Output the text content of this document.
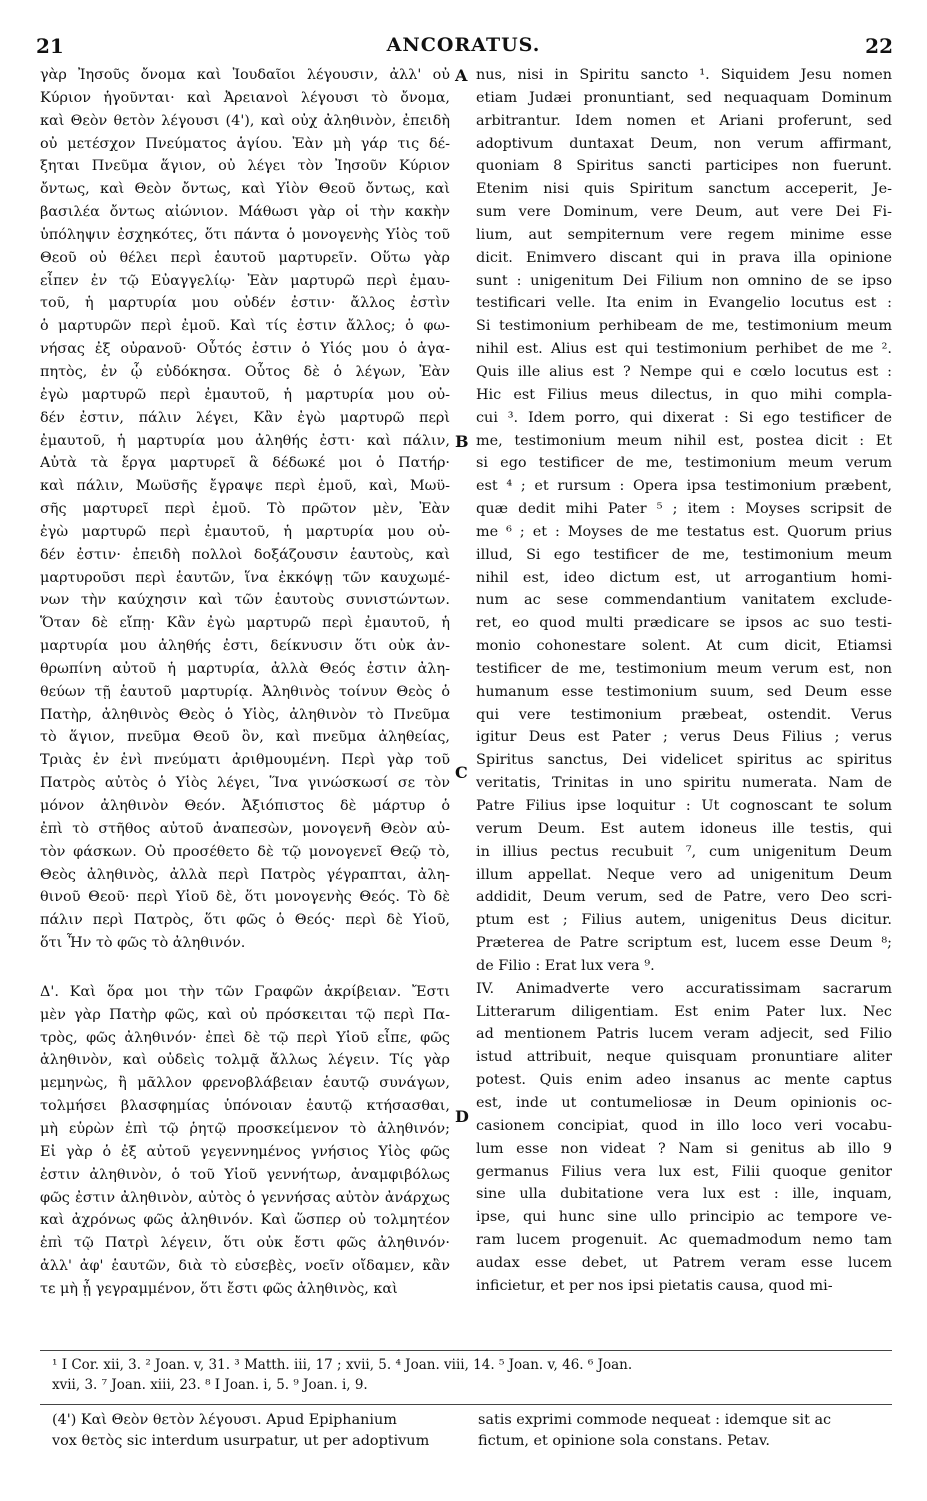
21	ANCORATUS.	22
γὰρ Ἰησοῦς ὄνομα καὶ Ἰουδαῖοι λέγουσιν, ἀλλ' οὐ
Κύριον ἡγοῦνται· καὶ Ἀρειανοὶ λέγουσι τὸ ὄνομα,
καὶ Θεὸν θετὸν λέγουσι (4'), καὶ οὐχ ἀληθινὸν, ἐπειδὴ
οὐ μετέσχον Πνεύματος ἁγίου. Ἐὰν μὴ γάρ τις δέ-
ξηται Πνεῦμα ἅγιον, οὐ λέγει τὸν Ἰησοῦν Κύριον
ὄντως, καὶ Θεὸν ὄντως, καὶ Υἱὸν Θεοῦ ὄντως, καὶ
βασιλέα ὄντως αἰώνιον. Μάθωσι γὰρ οἱ τὴν κακὴν
ὑπόληψιν ἐσχηκότες, ὅτι πάντα ὁ μονογενὴς Υἱὸς τοῦ
Θεοῦ οὐ θέλει περὶ ἑαυτοῦ μαρτυρεῖν. Οὕτω γὰρ
εἶπεν ἐν τῷ Εὐαγγελίῳ· Ἐὰν μαρτυρῶ περὶ ἐμαυ-
τοῦ, ἡ μαρτυρία μου οὐδέν ἐστιν· ἄλλος ἐστὶν
ὁ μαρτυρῶν περὶ ἐμοῦ. Καὶ τίς ἐστιν ἄλλος; ὁ φω-
νήσας ἐξ οὐρανοῦ· Οὗτός ἐστιν ὁ Υἱός μου ὁ ἀγα-
πητὸς, ἐν ᾧ εὐδόκησα. Οὗτος δὲ ὁ λέγων, Ἐὰν
ἐγὼ μαρτυρῶ περὶ ἐμαυτοῦ, ἡ μαρτυρία μου οὐ-
δέν ἐστιν, πάλιν λέγει, Κἂν ἐγὼ μαρτυρῶ περὶ
ἐμαυτοῦ, ἡ μαρτυρία μου ἀληθής ἐστι· καὶ πάλιν,
Αὐτὰ τὰ ἔργα μαρτυρεῖ ἃ δέδωκέ μοι ὁ Πατήρ·
καὶ πάλιν, Μωϋσῆς ἔγραψε περὶ ἐμοῦ, καὶ, Μωϋ-
σῆς μαρτυρεῖ περὶ ἐμοῦ. Τὸ πρῶτον μὲν, Ἐὰν
ἐγὼ μαρτυρῶ περὶ ἐμαυτοῦ, ἡ μαρτυρία μου οὐ-
δέν ἐστιν· ἐπειδὴ πολλοὶ δοξάζουσιν ἑαυτοὺς, καὶ
μαρτυροῦσι περὶ ἑαυτῶν, ἵνα ἐκκόψῃ τῶν καυχωμέ-
νων τὴν καύχησιν καὶ τῶν ἑαυτοὺς συνιστώντων.
Ὅταν δὲ εἴπῃ· Κἂν ἐγὼ μαρτυρῶ περὶ ἐμαυτοῦ, ἡ
μαρτυρία μου ἀληθής ἐστι, δείκνυσιν ὅτι οὐκ ἀν-
θρωπίνη αὐτοῦ ἡ μαρτυρία, ἀλλὰ Θεός ἐστιν ἀλη-
θεύων τῇ ἑαυτοῦ μαρτυρίᾳ. Ἀληθινὸς τοίνυν Θεὸς ὁ
Πατὴρ, ἀληθινὸς Θεὸς ὁ Υἱὸς, ἀληθινὸν τὸ Πνεῦμα
τὸ ἅγιον, πνεῦμα Θεοῦ ὂν, καὶ πνεῦμα ἀληθείας,
Τριὰς ἐν ἑνὶ πνεύματι ἀριθμουμένη. Περὶ γὰρ τοῦ
Πατρὸς αὐτὸς ὁ Υἱὸς λέγει, Ἵνα γινώσκωσί σε τὸν
μόνον ἀληθινὸν Θεόν. Ἀξιόπιστος δὲ μάρτυρ ὁ
ἐπὶ τὸ στῆθος αὐτοῦ ἀναπεσὼν, μονογενῆ Θεὸν αὐ-
τὸν φάσκων. Οὐ προσέθετο δὲ τῷ μονογενεῖ Θεῷ τὸ,
Θεὸς ἀληθινὸς, ἀλλὰ περὶ Πατρὸς γέγραπται, ἀλη-
θινοῦ Θεοῦ· περὶ Υἱοῦ δὲ, ὅτι μονογενὴς Θεός. Τὸ δὲ
πάλιν περὶ Πατρὸς, ὅτι φῶς ὁ Θεός· περὶ δὲ Υἱοῦ,
ὅτι Ἦν τὸ φῶς τὸ ἀληθινόν.
Δ'. Καὶ ὅρα μοι τὴν τῶν Γραφῶν ἀκρίβειαν. Ἔστι
μὲν γὰρ Πατὴρ φῶς, καὶ οὐ πρόσκειται τῷ περὶ Πα-
τρὸς, φῶς ἀληθινόν· ἐπεὶ δὲ τῷ περὶ Υἱοῦ εἶπε, φῶς
ἀληθινὸν, καὶ οὐδεὶς τολμᾷ ἄλλως λέγειν. Τίς γὰρ
μεμηνὼς, ἢ μᾶλλον φρενοβλάβειαν ἑαυτῷ συνάγων,
τολμήσει βλασφημίας ὑπόνοιαν ἑαυτῷ κτήσασθαι,
μὴ εὑρὼν ἐπὶ τῷ ῥητῷ προσκείμενον τὸ ἀληθινόν;
Εἰ γὰρ ὁ ἐξ αὐτοῦ γεγεννημένος γνήσιος Υἱὸς φῶς
ἐστιν ἀληθινὸν, ὁ τοῦ Υἱοῦ γεννήτωρ, ἀναμφιβόλως
φῶς ἐστιν ἀληθινὸν, αὐτὸς ὁ γεννήσας αὐτὸν ἀνάρχως
καὶ ἀχρόνως φῶς ἀληθινόν. Καὶ ὥσπερ οὐ τολμητέον
ἐπὶ τῷ Πατρὶ λέγειν, ὅτι οὐκ ἔστι φῶς ἀληθινόν·
ἀλλ' ἀφ' ἑαυτῶν, διὰ τὸ εὐσεβὲς, νοεῖν οἴδαμεν, κἂν
τε μὴ ᾖ γεγραμμένον, ὅτι ἔστι φῶς ἀληθινὸς, καὶ
nus, nisi in Spiritu sancto ¹. Siquidem Jesu nomen
etiam Judæi pronuntiant, sed nequaquam Dominum
arbitrantur. Idem nomen et Ariani proferunt, sed
adoptivum duntaxat Deum, non verum affirmant,
quoniam 8 Spiritus sancti participes non fuerunt.
Etenim nisi quis Spiritum sanctum acceperit, Je-
sum vere Dominum, vere Deum, aut vere Dei Fi-
lium, aut sempiternum vere regem minime esse
dicit. Enimvero discant qui in prava illa opinione
sunt : unigenitum Dei Filium non omnino de se ipso
testificari velle. Ita enim in Evangelio locutus est :
Si testimonium perhibeam de me, testimonium meum
nihil est. Alius est qui testimonium perhibet de me ².
Quis ille alius est ? Nempe qui e cœlo locutus est :
Hic est Filius meus dilectus, in quo mihi compla-
cui ³. Idem porro, qui dixerat : Si ego testificer de
me, testimonium meum nihil est, postea dicit : Et
si ego testificer de me, testimonium meum verum
est ⁴ ; et rursum : Opera ipsa testimonium præbent,
quæ dedit mihi Pater ⁵ ; item : Moyses scripsit de
me ⁶ ; et : Moyses de me testatus est. Quorum prius
illud, Si ego testificer de me, testimonium meum
nihil est, ideo dictum est, ut arrogantium homi-
num ac sese commendantium vanitatem exclude-
ret, eo quod multi prædicare se ipsos ac suo testi-
monio cohonestare solent. At cum dicit, Etiamsi
testificer de me, testimonium meum verum est, non
humanum esse testimonium suum, sed Deum esse
qui vere testimonium præbeat, ostendit. Verus
igitur Deus est Pater ; verus Deus Filius ; verus
Spiritus sanctus, Dei videlicet spiritus ac spiritus
veritatis, Trinitas in uno spiritu numerata. Nam de
Patre Filius ipse loquitur : Ut cognoscant te solum
verum Deum. Est autem idoneus ille testis, qui
in illius pectus recubuit ⁷, cum unigenitum Deum
illum appellat. Neque vero ad unigenitum Deum
addidit, Deum verum, sed de Patre, vero Deo scri-
ptum est ; Filius autem, unigenitus Deus dicitur.
Præterea de Patre scriptum est, lucem esse Deum ⁸;
de Filio : Erat lux vera ⁹.
IV. Animadverte vero accuratissimam sacrarum
Litterarum diligentiam. Est enim Pater lux. Nec
ad mentionem Patris lucem veram adjecit, sed Filio
istud attribuit, neque quisquam pronuntiare aliter
potest. Quis enim adeo insanus ac mente captus
est, inde ut contumeliosæ in Deum opinionis oc-
casionem concipiat, quod in illo loco veri vocabu-
lum esse non videat ? Nam si genitus ab illo 9
germanus Filius vera lux est, Filii quoque genitor
sine ulla dubitatione vera lux est : ille, inquam,
ipse, qui hunc sine ullo principio ac tempore ve-
ram lucem progenuit. Ac quemadmodum nemo tam
audax esse debet, ut Patrem veram esse lucem
inficietur, et per nos ipsi pietatis causa, quod mi-
A
B
C
D
¹ I Cor. xii, 3. ² Joan. v, 31. ³ Matth. iii, 17 ; xvii, 5. ⁴ Joan. viii, 14. ⁵ Joan. v, 46. ⁶ Joan.
xvii, 3. ⁷ Joan. xiii, 23. ⁸ I Joan. i, 5. ⁹ Joan. i, 9.
(4') Καὶ Θεὸν θετὸν λέγουσι. Apud Epiphanium
vox θετὸς sic interdum usurpatur, ut per adoptivum
satis exprimi commode nequeat : idemque sit ac
fictum, et opinione sola constans. Petav.
